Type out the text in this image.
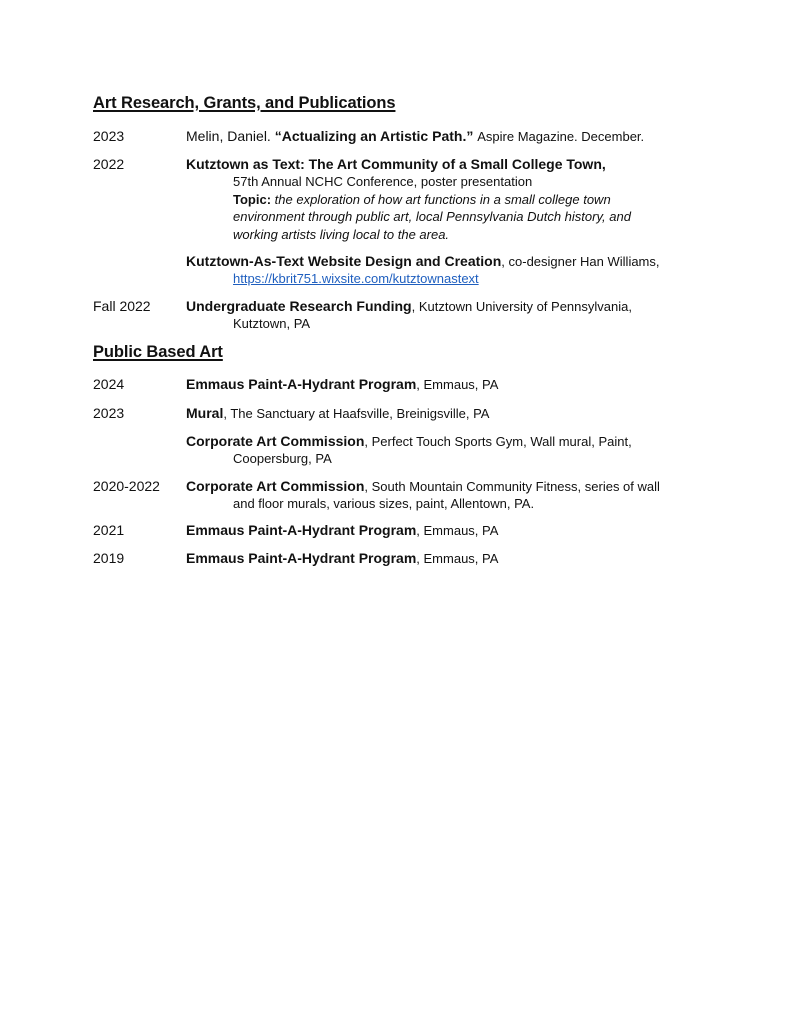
Art Research, Grants, and Publications
2023	Melin, Daniel. “Actualizing an Artistic Path.” Aspire Magazine. December.
2022	Kutztown as Text: The Art Community of a Small College Town,
57th Annual NCHC Conference, poster presentation
Topic: the exploration of how art functions in a small college town environment through public art, local Pennsylvania Dutch history, and working artists living local to the area.
Kutztown-As-Text Website Design and Creation, co-designer Han Williams,
https://kbrit751.wixsite.com/kutztownastext
Fall 2022	Undergraduate Research Funding, Kutztown University of Pennsylvania,
Kutztown, PA
Public Based Art
2024	Emmaus Paint-A-Hydrant Program, Emmaus, PA
2023	Mural, The Sanctuary at Haafsville, Breinigsville, PA
Corporate Art Commission, Perfect Touch Sports Gym, Wall mural, Paint,
Coopersburg, PA
2020-2022 Corporate Art Commission, South Mountain Community Fitness, series of wall
and floor murals, various sizes, paint, Allentown, PA.
2021	Emmaus Paint-A-Hydrant Program, Emmaus, PA
2019	Emmaus Paint-A-Hydrant Program, Emmaus, PA
